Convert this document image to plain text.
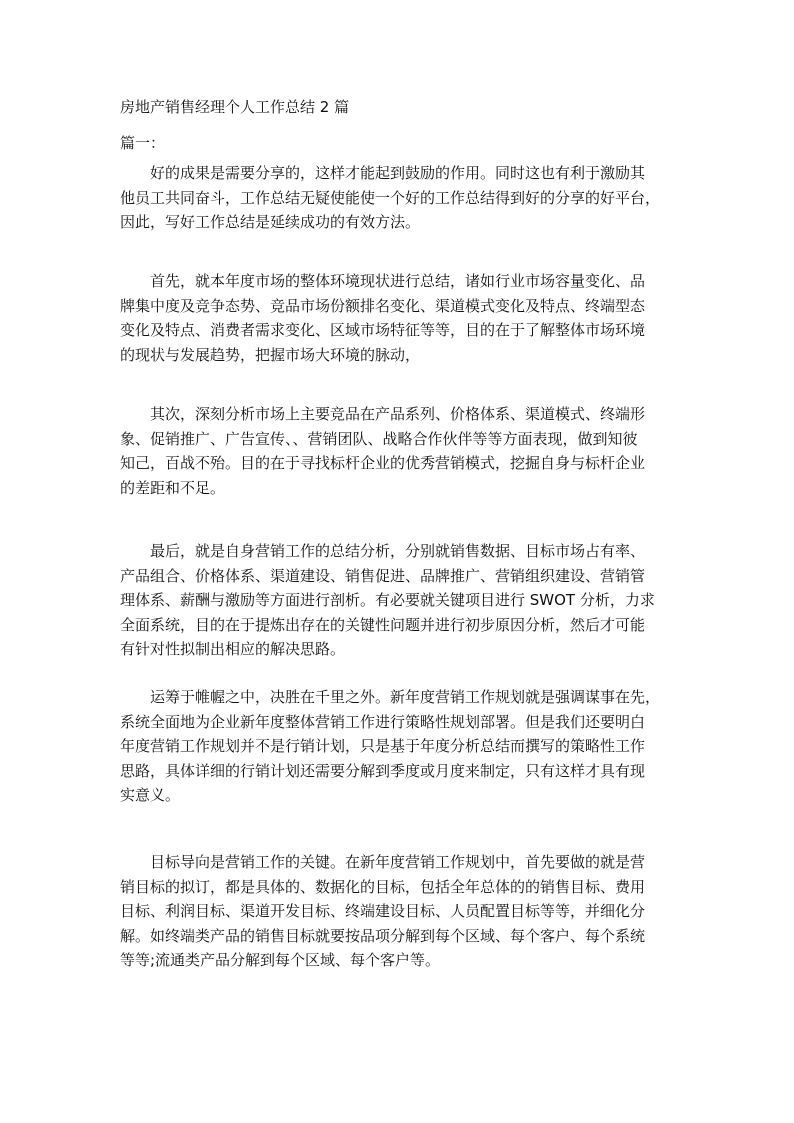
房地产销售经理个人工作总结 2 篇
篇一：
好的成果是需要分享的，这样才能起到鼓励的作用。同时这也有利于激励其
他员工共同奋斗，工作总结无疑使能使一个好的工作总结得到好的分享的好平台，
因此，写好工作总结是延续成功的有效方法。
首先，就本年度市场的整体环境现状进行总结，诸如行业市场容量变化、品
牌集中度及竞争态势、竞品市场份额排名变化、渠道模式变化及特点、终端型态
变化及特点、消费者需求变化、区域市场特征等等，目的在于了解整体市场环境
的现状与发展趋势，把握市场大环境的脉动，
其次，深刻分析市场上主要竞品在产品系列、价格体系、渠道模式、终端形
象、促销推广、广告宣传、、营销团队、战略合作伙伴等等方面表现，做到知彼
知己，百战不殆。目的在于寻找标杆企业的优秀营销模式，挖掘自身与标杆企业
的差距和不足。
最后，就是自身营销工作的总结分析，分别就销售数据、目标市场占有率、
产品组合、价格体系、渠道建设、销售促进、品牌推广、营销组织建设、营销管
理体系、薪酬与激励等方面进行剖析。有必要就关键项目进行 SWOT 分析，力求
全面系统，目的在于提炼出存在的关键性问题并进行初步原因分析，然后才可能
有针对性拟制出相应的解决思路。
运筹于帷幄之中，决胜在千里之外。新年度营销工作规划就是强调谋事在先，
系统全面地为企业新年度整体营销工作进行策略性规划部署。但是我们还要明白
年度营销工作规划并不是行销计划，只是基于年度分析总结而撰写的策略性工作
思路，具体详细的行销计划还需要分解到季度或月度来制定，只有这样才具有现
实意义。
目标导向是营销工作的关键。在新年度营销工作规划中，首先要做的就是营
销目标的拟订，都是具体的、数据化的目标，包括全年总体的的销售目标、费用
目标、利润目标、渠道开发目标、终端建设目标、人员配置目标等等，并细化分
解。如终端类产品的销售目标就要按品项分解到每个区域、每个客户、每个系统
等等;流通类产品分解到每个区域、每个客户等。
